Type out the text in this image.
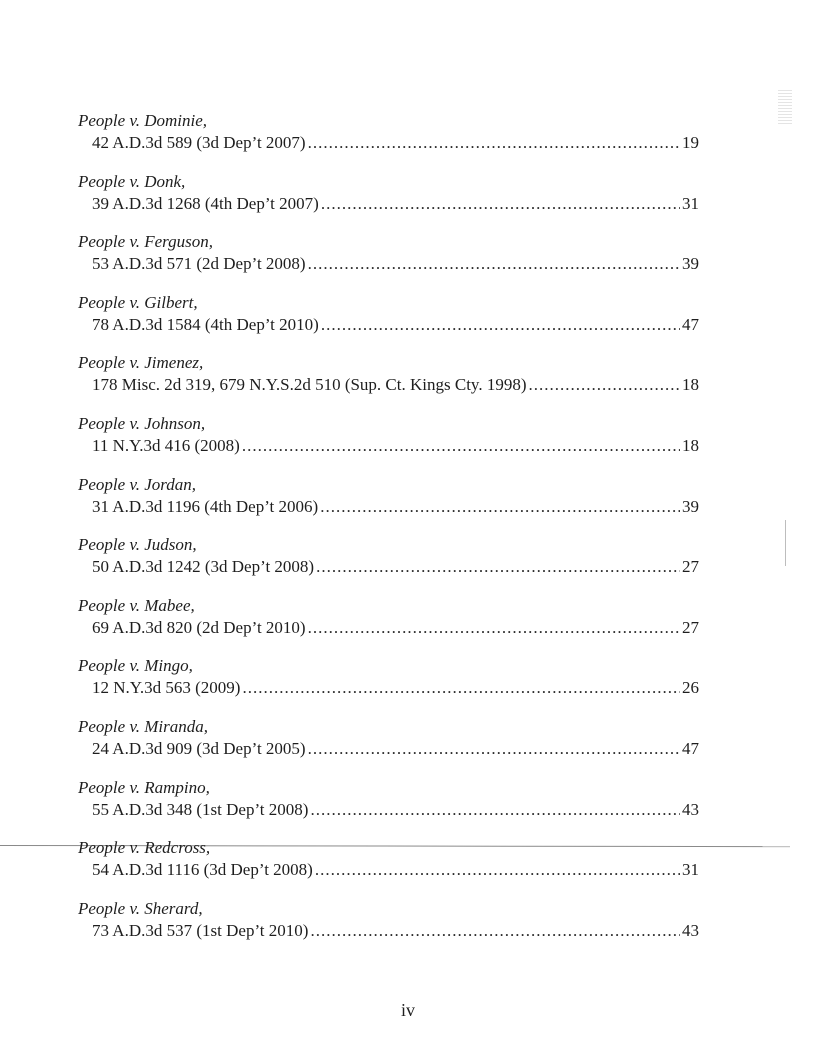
People v. Dominie,
42 A.D.3d 589 (3d Dep’t 2007) .....	19
People v. Donk,
39 A.D.3d 1268 (4th Dep’t 2007) .....	31
People v. Ferguson,
53 A.D.3d 571 (2d Dep’t 2008) .....	39
People v. Gilbert,
78 A.D.3d 1584 (4th Dep’t 2010) .....	47
People v. Jimenez,
178 Misc. 2d 319, 679 N.Y.S.2d 510 (Sup. Ct. Kings Cty. 1998) .....	18
People v. Johnson,
11 N.Y.3d 416 (2008) .....	18
People v. Jordan,
31 A.D.3d 1196 (4th Dep’t 2006) .....	39
People v. Judson,
50 A.D.3d 1242 (3d Dep’t 2008) .....	27
People v. Mabee,
69 A.D.3d 820 (2d Dep’t 2010) .....	27
People v. Mingo,
12 N.Y.3d 563 (2009) .....	26
People v. Miranda,
24 A.D.3d 909 (3d Dep’t 2005) .....	47
People v. Rampino,
55 A.D.3d 348 (1st Dep’t 2008) .....	43
People v. Redcross,
54 A.D.3d 1116 (3d Dep’t 2008) .....	31
People v. Sherard,
73 A.D.3d 537 (1st Dep’t 2010) .....	43
iv
